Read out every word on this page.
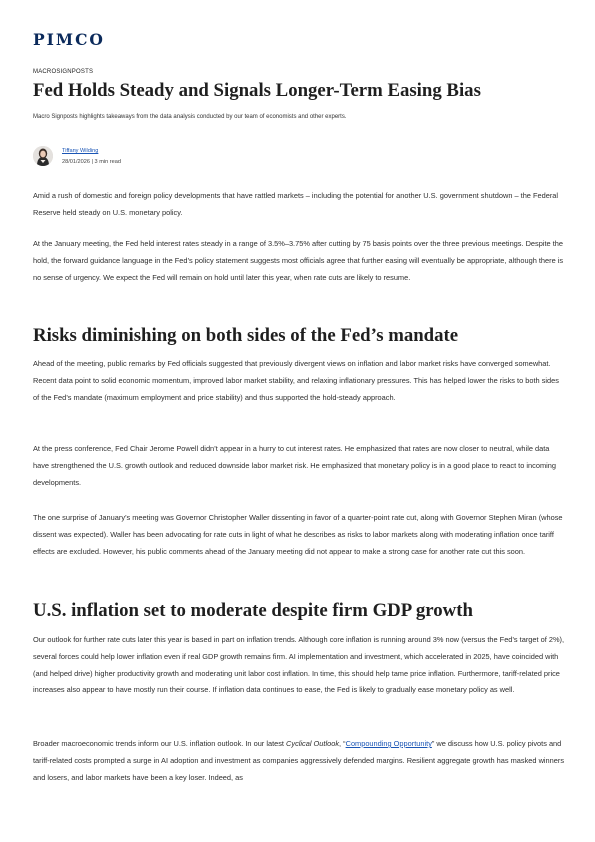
PIMCO
MACROSIGNPOSTS
Fed Holds Steady and Signals Longer-Term Easing Bias
Macro Signposts highlights takeaways from the data analysis conducted by our team of economists and other experts.
Tiffany Wilding
28/01/2026 | 3 min read

Amid a rush of domestic and foreign policy developments that have rattled markets – including the potential for another U.S. government shutdown – the Federal Reserve held steady on U.S. monetary policy.

At the January meeting, the Fed held interest rates steady in a range of 3.5%–3.75% after cutting by 75 basis points over the three previous meetings. Despite the hold, the forward guidance language in the Fed’s policy statement suggests most officials agree that further easing will eventually be appropriate, although there is no sense of urgency. We expect the Fed will remain on hold until later this year, when rate cuts are likely to resume.

Risks diminishing on both sides of the Fed’s mandate

Ahead of the meeting, public remarks by Fed officials suggested that previously divergent views on inflation and labor market risks have converged somewhat. Recent data point to solid economic momentum, improved labor market stability, and relaxing inflationary pressures. This has helped lower the risks to both sides of the Fed’s mandate (maximum employment and price stability) and thus supported the hold-steady approach.

At the press conference, Fed Chair Jerome Powell didn’t appear in a hurry to cut interest rates. He emphasized that rates are now closer to neutral, while data have strengthened the U.S. growth outlook and reduced downside labor market risk. He emphasized that monetary policy is in a good place to react to incoming developments.

The one surprise of January’s meeting was Governor Christopher Waller dissenting in favor of a quarter-point rate cut, along with Governor Stephen Miran (whose dissent was expected). Waller has been advocating for rate cuts in light of what he describes as risks to labor markets along with moderating inflation once tariff effects are excluded. However, his public comments ahead of the January meeting did not appear to make a strong case for another rate cut this soon.

U.S. inflation set to moderate despite firm GDP growth

Our outlook for further rate cuts later this year is based in part on inflation trends. Although core inflation is running around 3% now (versus the Fed’s target of 2%), several forces could help lower inflation even if real GDP growth remains firm. AI implementation and investment, which accelerated in 2025, have coincided with (and helped drive) higher productivity growth and moderating unit labor cost inflation. In time, this should help tame price inflation. Furthermore, tariff-related price increases also appear to have mostly run their course. If inflation data continues to ease, the Fed is likely to gradually ease monetary policy as well.

Broader macroeconomic trends inform our U.S. inflation outlook. In our latest Cyclical Outlook, “Compounding Opportunity” we discuss how U.S. policy pivots and tariff-related costs prompted a surge in AI adoption and investment as companies aggressively defended margins. Resilient aggregate growth has masked winners and losers, and labor markets have been a key loser. Indeed, as
